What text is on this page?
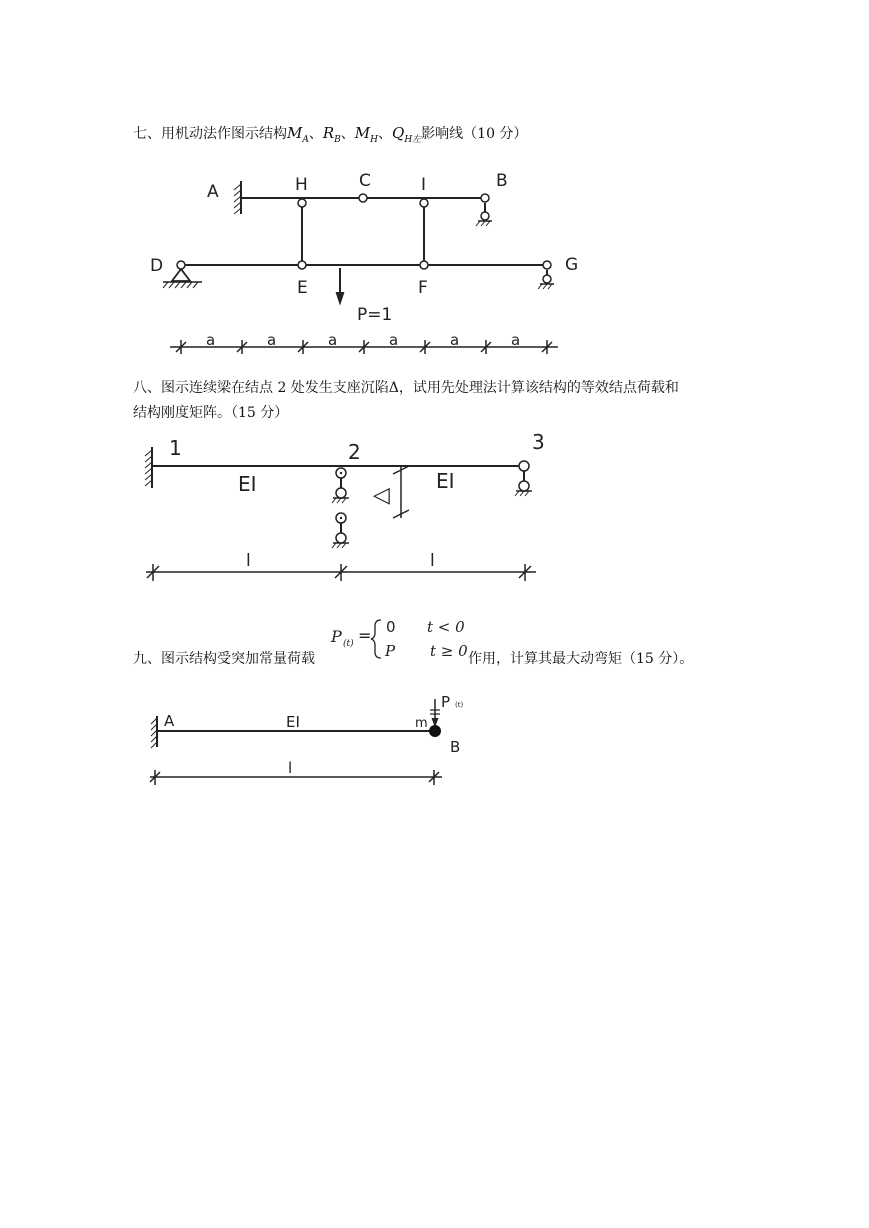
七、用机动法作图示结构$M_A$、$R_B$、$M_H$、$Q_{H左}$影响线（10 分）
A	H	C	I	B
D
E	F
G
P=1
a	a	a	a	a	a
八、图示连续梁在结点 2 处发生支座沉陷Δ，试用先处理法计算该结构的等效结点荷载和
结构刚度矩阵。（15 分）
1	2	3
EI	EI
◁
l	l
九、图示结构受突加常量荷载	作用，计算其最大动弯矩（15 分）。
P (t) = 0 t < 0
P t ≥ 0
A	EI	m
B
P (t)
l
